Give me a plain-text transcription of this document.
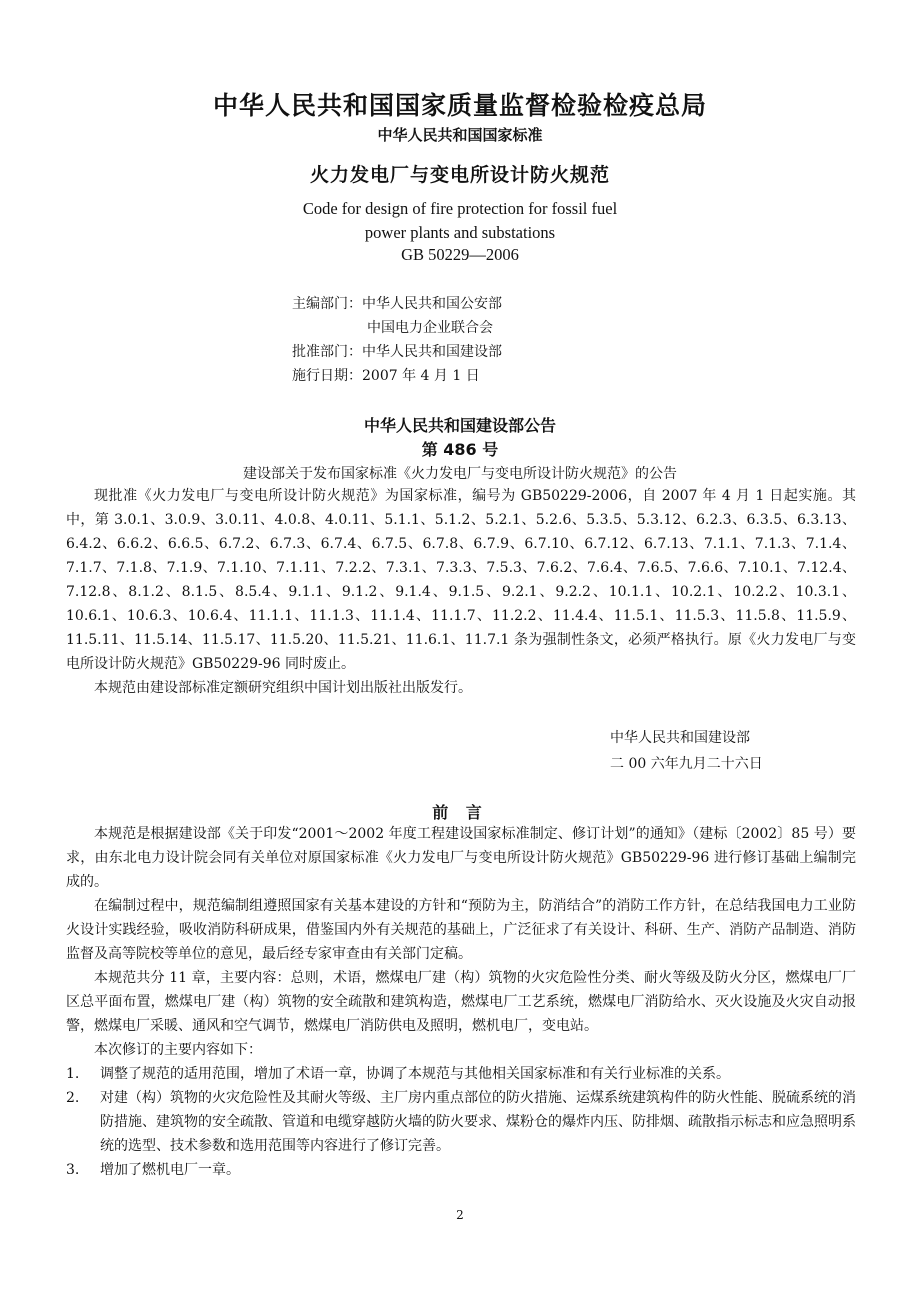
中华人民共和国国家质量监督检验检疫总局
中华人民共和国国家标准
火力发电厂与变电所设计防火规范
Code for design of fire protection for fossil fuel
power plants and substations
GB 50229—2006
主编部门：中华人民共和国公安部
中国电力企业联合会
批准部门：中华人民共和国建设部
施行日期：2007 年 4 月 1 日
中华人民共和国建设部公告
第 486 号
建设部关于发布国家标准《火力发电厂与变电所设计防火规范》的公告

现批准《火力发电厂与变电所设计防火规范》为国家标准，编号为 GB50229-2006，自 2007 年 4 月 1 日起实施。其中，第 3.0.1、3.0.9、3.0.11、4.0.8、4.0.11、5.1.1、5.1.2、5.2.1、5.2.6、5.3.5、5.3.12、6.2.3、6.3.5、6.3.13、6.4.2、6.6.2、6.6.5、6.7.2、6.7.3、6.7.4、6.7.5、6.7.8、6.7.9、6.7.10、6.7.12、6.7.13、7.1.1、7.1.3、7.1.4、7.1.7、7.1.8、7.1.9、7.1.10、7.1.11、7.2.2、7.3.1、7.3.3、7.5.3、7.6.2、7.6.4、7.6.5、7.6.6、7.10.1、7.12.4、7.12.8、8.1.2、8.1.5、8.5.4、9.1.1、9.1.2、9.1.4、9.1.5、9.2.1、9.2.2、10.1.1、10.2.1、10.2.2、10.3.1、10.6.1、10.6.3、10.6.4、11.1.1、11.1.3、11.1.4、11.1.7、11.2.2、11.4.4、11.5.1、11.5.3、11.5.8、11.5.9、11.5.11、11.5.14、11.5.17、11.5.20、11.5.21、11.6.1、11.7.1 条为强制性条文，必须严格执行。原《火力发电厂与变电所设计防火规范》GB50229-96 同时废止。

本规范由建设部标准定额研究组织中国计划出版社出版发行。

中华人民共和国建设部
二 00 六年九月二十六日
前 言

本规范是根据建设部《关于印发“2001～2002 年度工程建设国家标准制定、修订计划”的通知》（建标〔2002〕85 号）要求，由东北电力设计院会同有关单位对原国家标准《火力发电厂与变电所设计防火规范》GB50229-96 进行修订基础上编制完成的。

在编制过程中，规范编制组遵照国家有关基本建设的方针和“预防为主，防消结合”的消防工作方针，在总结我国电力工业防火设计实践经验，吸收消防科研成果，借鉴国内外有关规范的基础上，广泛征求了有关设计、科研、生产、消防产品制造、消防监督及高等院校等单位的意见，最后经专家审查由有关部门定稿。

本规范共分 11 章，主要内容：总则，术语，燃煤电厂建（构）筑物的火灾危险性分类、耐火等级及防火分区，燃煤电厂厂区总平面布置，燃煤电厂建（构）筑物的安全疏散和建筑构造，燃煤电厂工艺系统，燃煤电厂消防给水、灭火设施及火灾自动报警，燃煤电厂采暖、通风和空气调节，燃煤电厂消防供电及照明，燃机电厂，变电站。

本次修订的主要内容如下：

1.	调整了规范的适用范围，增加了术语一章，协调了本规范与其他相关国家标准和有关行业标准的关系。
2.	对建（构）筑物的火灾危险性及其耐火等级、主厂房内重点部位的防火措施、运煤系统建筑构件的防火性能、脱硫系统的消防措施、建筑物的安全疏散、管道和电缆穿越防火墙的防火要求、煤粉仓的爆炸内压、防排烟、疏散指示标志和应急照明系统的选型、技术参数和选用范围等内容进行了修订完善。
3.	增加了燃机电厂一章。
2
